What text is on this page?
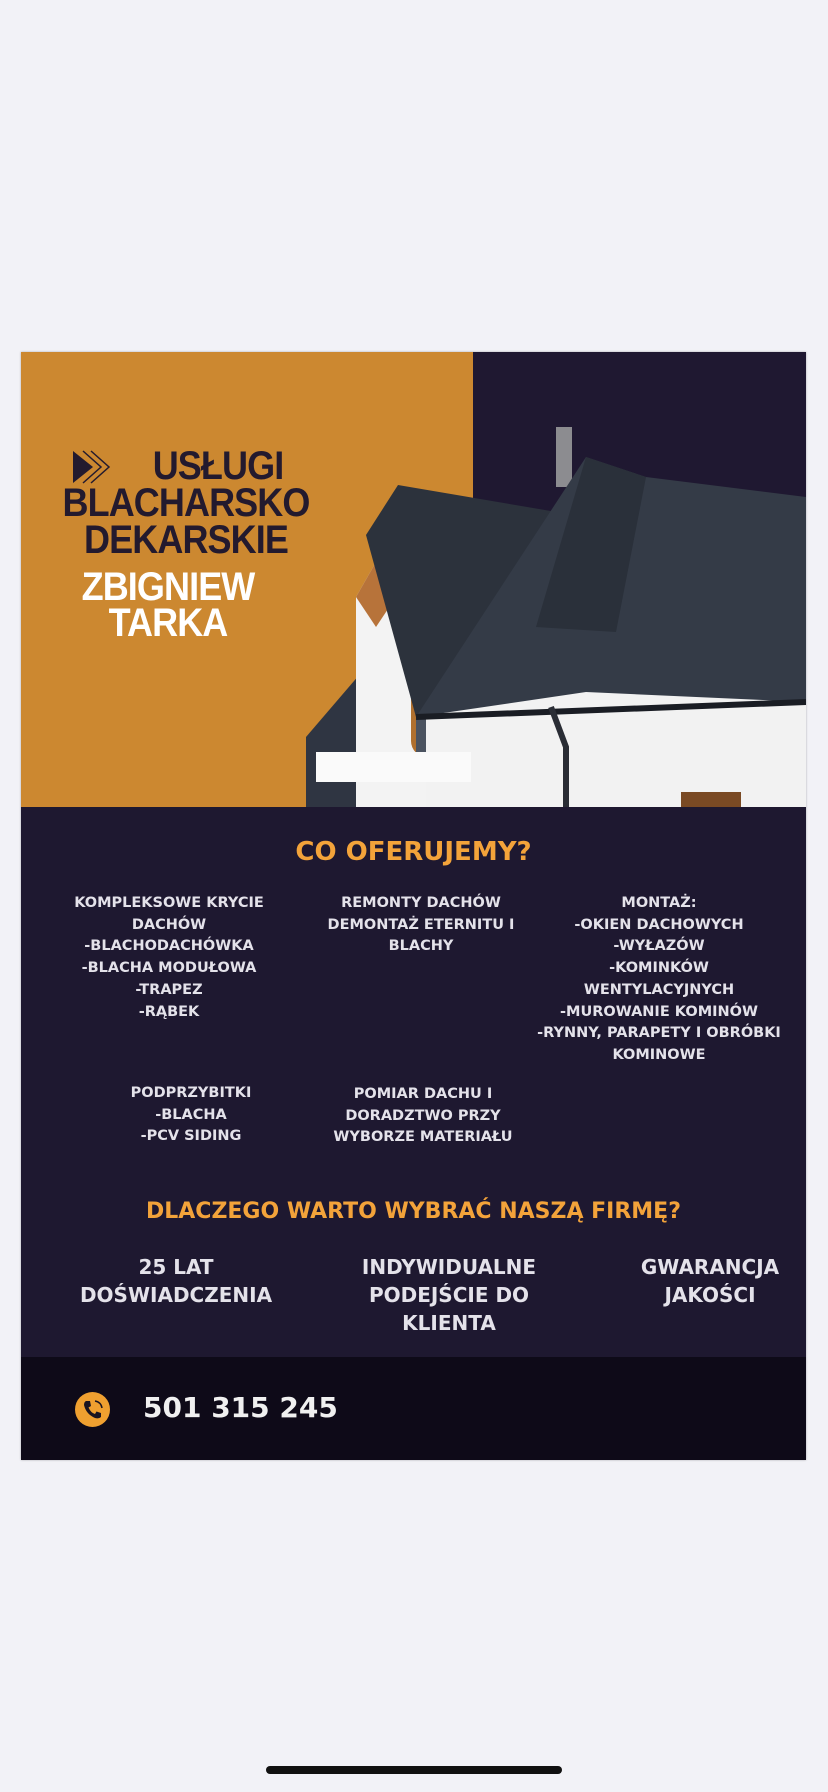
USŁUGI
BLACHARSKO
DEKARSKIE
ZBIGNIEW
TARKA
CO OFERUJEMY?
KOMPLEKSOWE KRYCIE
DACHÓW
-BLACHODACHÓWKA
-BLACHA MODUŁOWA
-TRAPEZ
-RĄBEK
REMONTY DACHÓW
DEMONTAŻ ETERNITU I
BLACHY
MONTAŻ:
-OKIEN DACHOWYCH
-WYŁAZÓW
-KOMINKÓW
WENTYLACYJNYCH
-MUROWANIE KOMINÓW
-RYNNY, PARAPETY I OBRÓBKI
KOMINOWE
PODPRZYBITKI
-BLACHA
-PCV SIDING
POMIAR DACHU I
DORADZTWO PRZY
WYBORZE MATERIAŁU
DLACZEGO WARTO WYBRAĆ NASZĄ FIRMĘ?
25 LAT
DOŚWIADCZENIA
INDYWIDUALNE
PODEJŚCIE DO
KLIENTA
GWARANCJA
JAKOŚCI
501 315 245
